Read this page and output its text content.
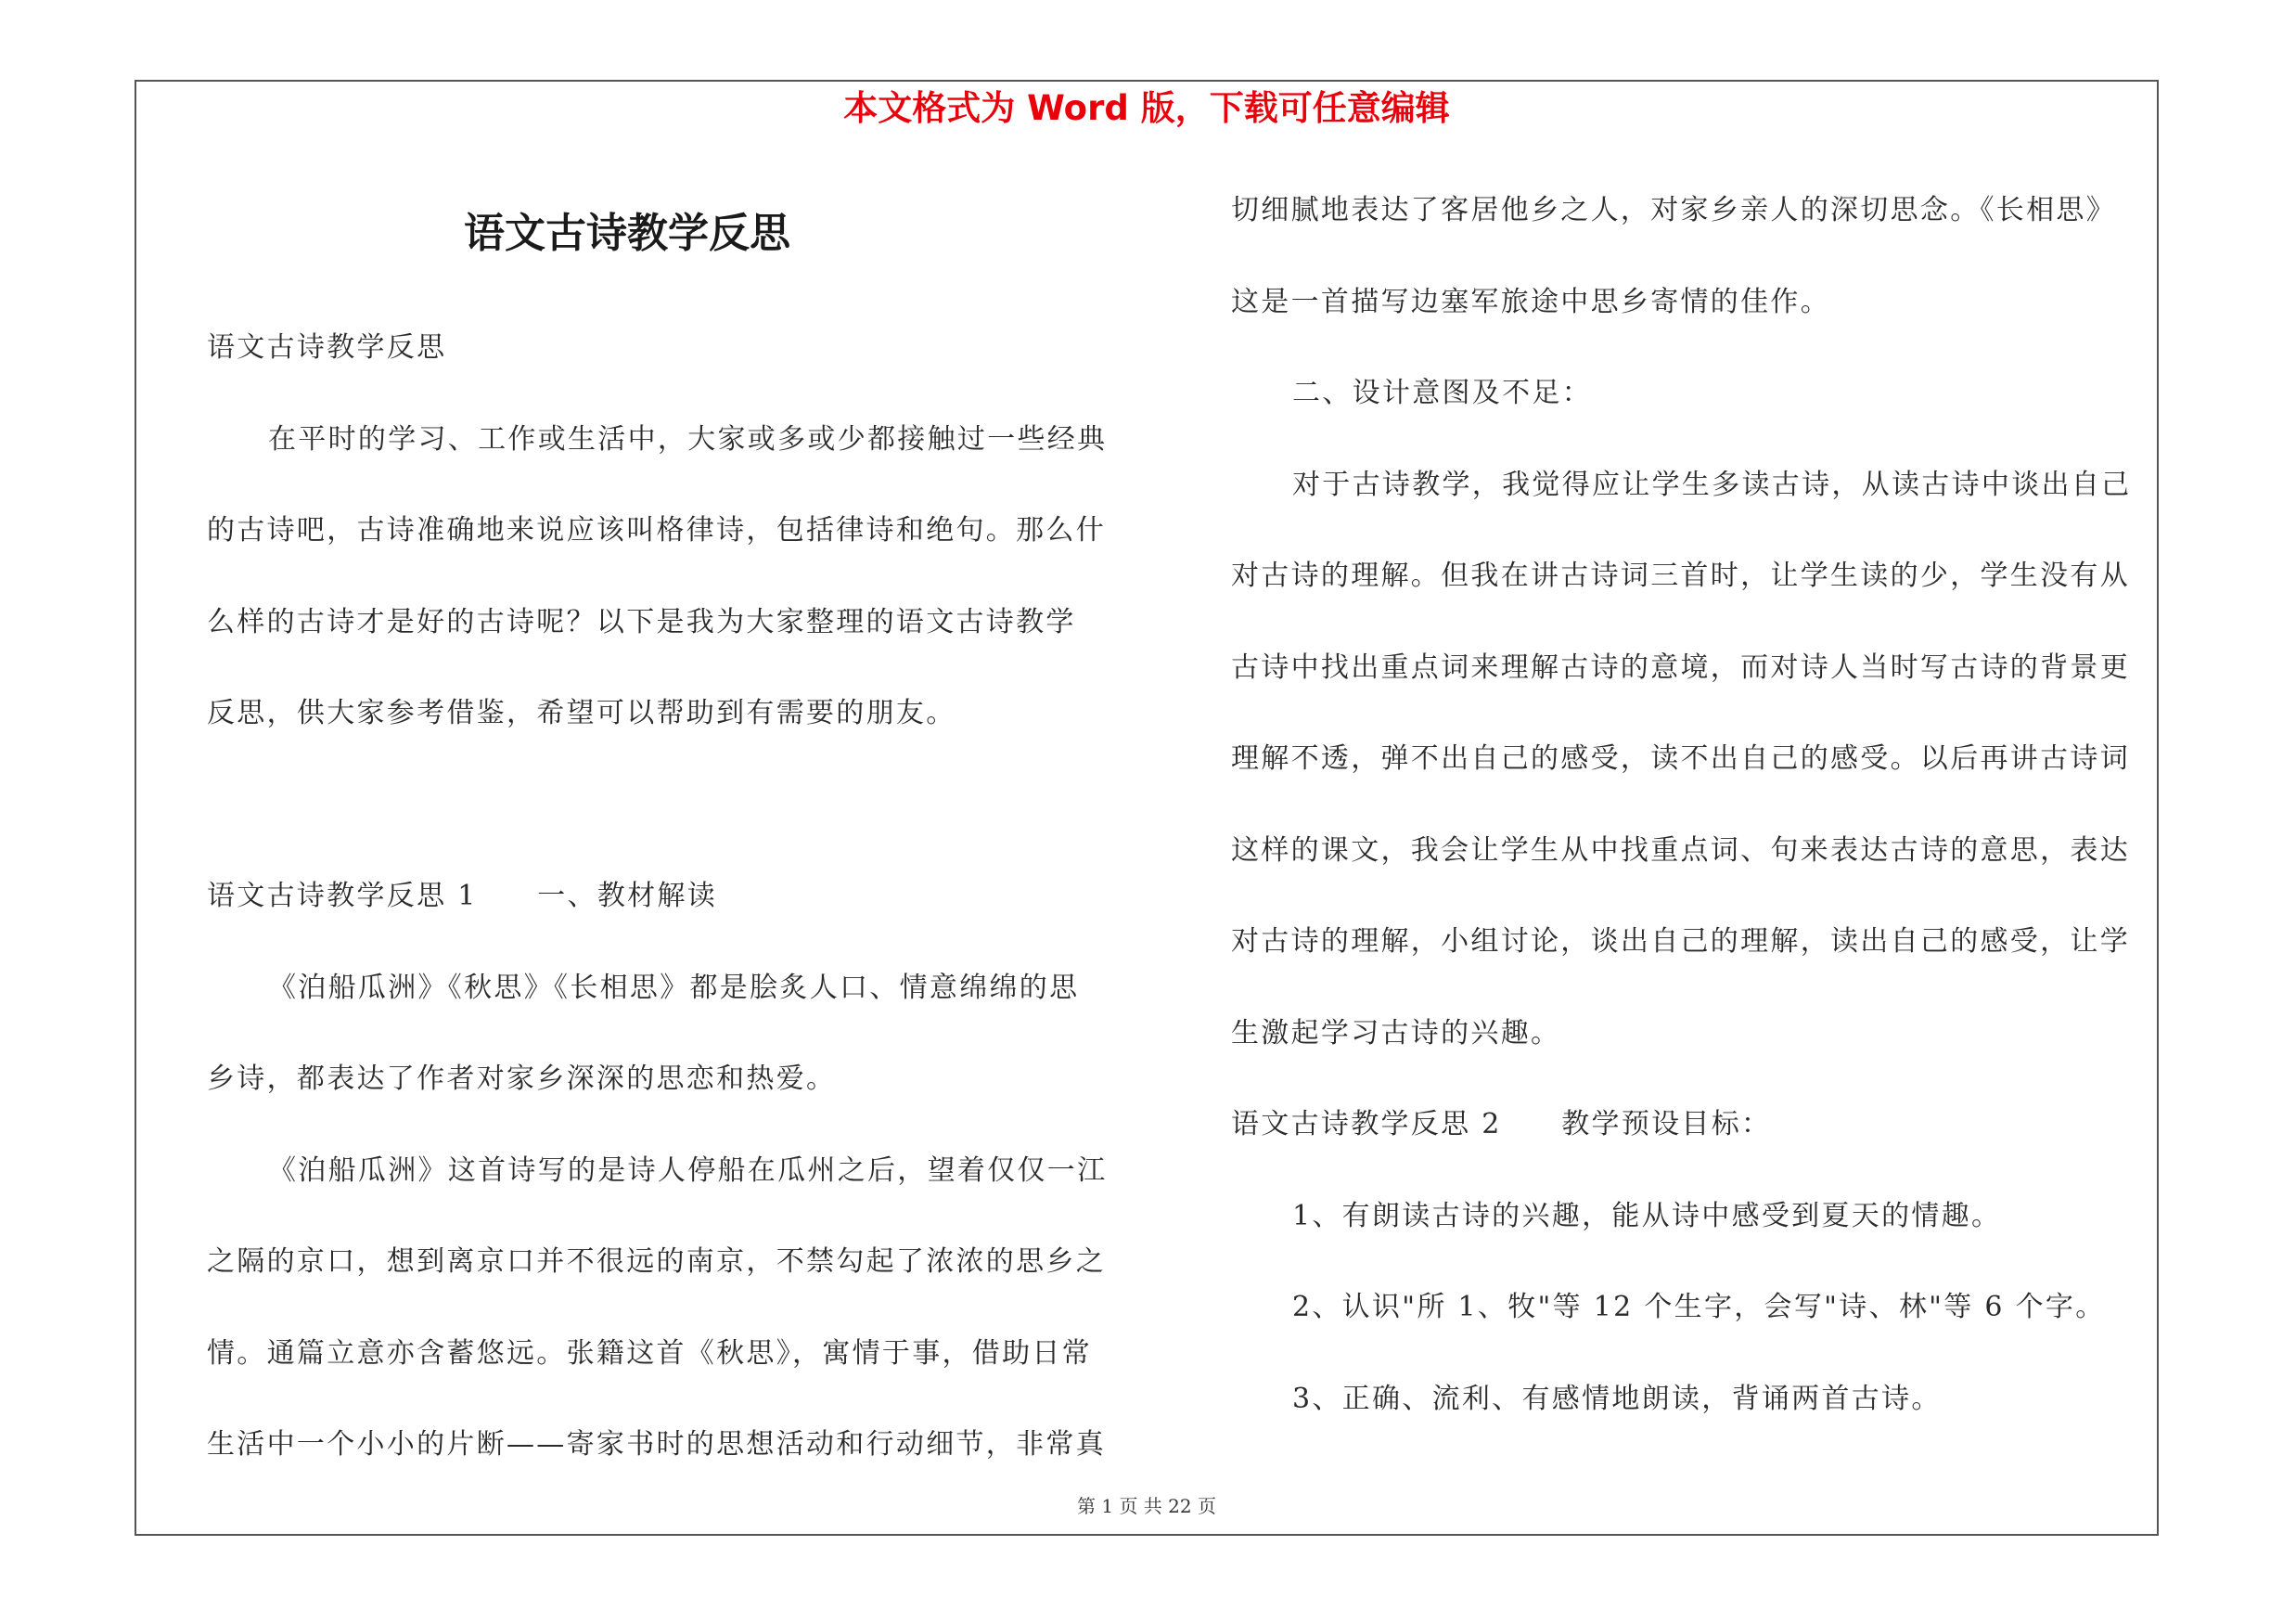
本文格式为 Word 版，下载可任意编辑
语文古诗教学反思
语文古诗教学反思
在平时的学习、工作或生活中，大家或多或少都接触过一些经典
的古诗吧，古诗准确地来说应该叫格律诗，包括律诗和绝句。那么什
么样的古诗才是好的古诗呢？以下是我为大家整理的语文古诗教学
反思，供大家参考借鉴，希望可以帮助到有需要的朋友。
语文古诗教学反思 1　　一、教材解读
《泊船瓜洲》《秋思》《长相思》都是脍炙人口、情意绵绵的思
乡诗，都表达了作者对家乡深深的思恋和热爱。
《泊船瓜洲》这首诗写的是诗人停船在瓜州之后，望着仅仅一江
之隔的京口，想到离京口并不很远的南京，不禁勾起了浓浓的思乡之
情。通篇立意亦含蓄悠远。张籍这首《秋思》，寓情于事，借助日常
生活中一个小小的片断——寄家书时的思想活动和行动细节，非常真
切细腻地表达了客居他乡之人，对家乡亲人的深切思念。《长相思》
这是一首描写边塞军旅途中思乡寄情的佳作。
二、设计意图及不足：
对于古诗教学，我觉得应让学生多读古诗，从读古诗中谈出自己
对古诗的理解。但我在讲古诗词三首时，让学生读的少，学生没有从
古诗中找出重点词来理解古诗的意境，而对诗人当时写古诗的背景更
理解不透，弹不出自己的感受，读不出自己的感受。以后再讲古诗词
这样的课文，我会让学生从中找重点词、句来表达古诗的意思，表达
对古诗的理解，小组讨论，谈出自己的理解，读出自己的感受，让学
生激起学习古诗的兴趣。
语文古诗教学反思 2　　教学预设目标：
1、有朗读古诗的兴趣，能从诗中感受到夏天的情趣。
2、认识"所 1、牧"等 12 个生字，会写"诗、林"等 6 个字。
3、正确、流利、有感情地朗读，背诵两首古诗。
第 1 页 共 22 页
